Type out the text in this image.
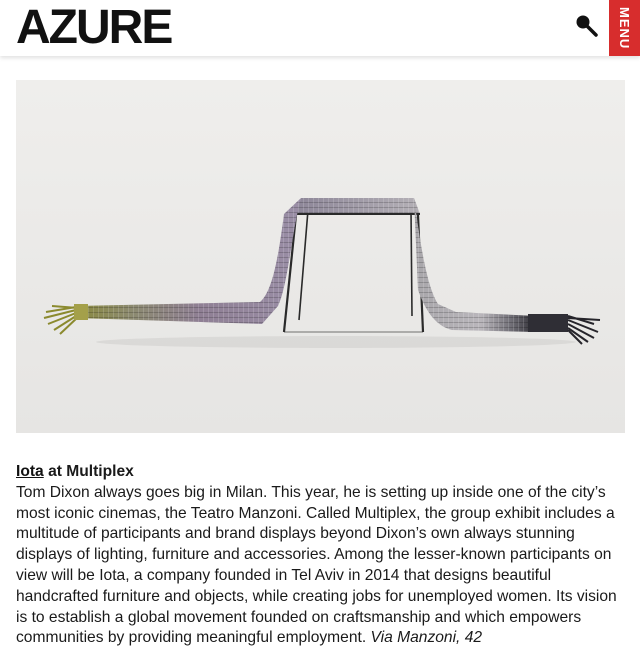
AZURE	MENU

Iota at Multiplex

Tom Dixon always goes big in Milan. This year, he is setting up inside one of the city’s most iconic cinemas, the Teatro Manzoni. Called Multiplex, the group exhibit includes a multitude of participants and brand displays beyond Dixon’s own always stunning displays of lighting, furniture and accessories. Among the lesser-known participants on view will be Iota, a company founded in Tel Aviv in 2014 that designs beautiful handcrafted furniture and objects, while creating jobs for unemployed women. Its vision is to establish a global movement founded on craftsmanship and which empowers communities by providing meaningful employment. Via Manzoni, 42
